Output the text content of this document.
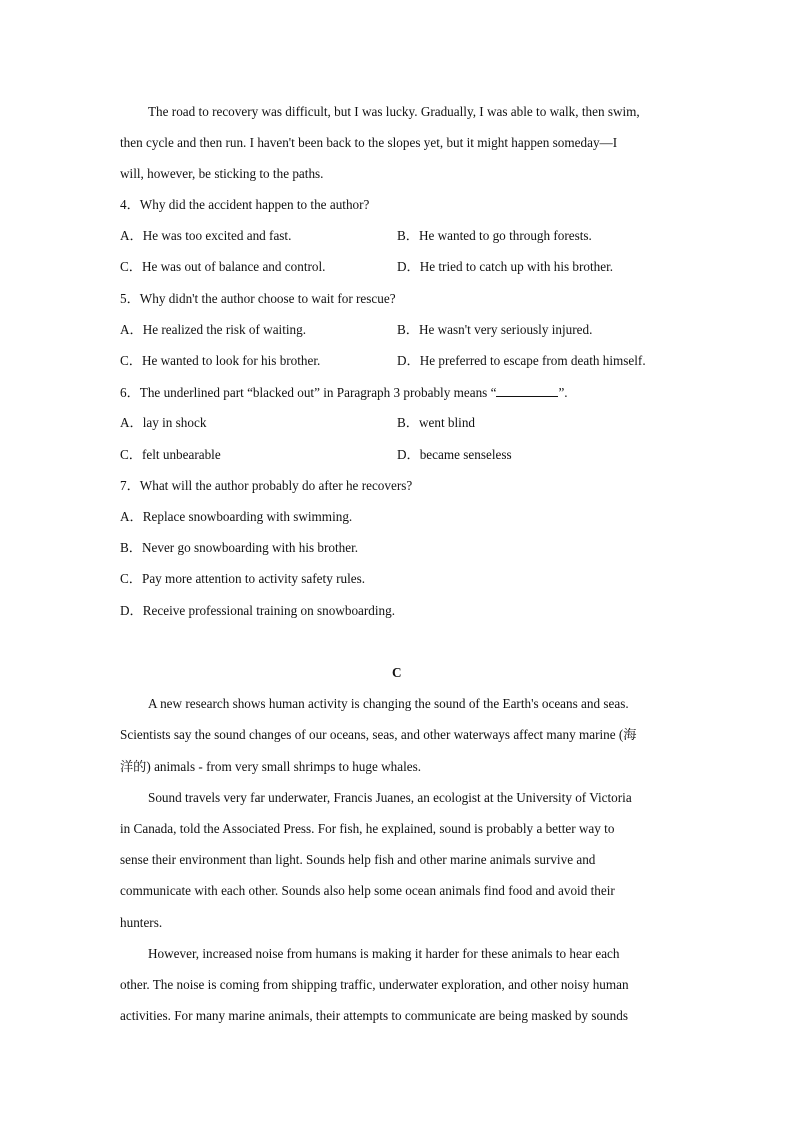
The road to recovery was difficult, but I was lucky. Gradually, I was able to walk, then swim,
then cycle and then run. I haven't been back to the slopes yet, but it might happen someday—I
will, however, be sticking to the paths.
4．Why did the accident happen to the author?
A．He was too excited and fast.	B．He wanted to go through forests.
C．He was out of balance and control.	D．He tried to catch up with his brother.
5．Why didn't the author choose to wait for rescue?
A．He realized the risk of waiting.	B．He wasn't very seriously injured.
C．He wanted to look for his brother.	D．He preferred to escape from death himself.
6．The underlined part “blacked out” in Paragraph 3 probably means “	”.
A．lay in shock	B．went blind
C．felt unbearable	D．became senseless
7．What will the author probably do after he recovers?
A．Replace snowboarding with swimming.
B．Never go snowboarding with his brother.
C．Pay more attention to activity safety rules.
D．Receive professional training on snowboarding.
C
A new research shows human activity is changing the sound of the Earth's oceans and seas.
Scientists say the sound changes of our oceans, seas, and other waterways affect many marine (海
洋的) animals - from very small shrimps to huge whales.
Sound travels very far underwater, Francis Juanes, an ecologist at the University of Victoria
in Canada, told the Associated Press. For fish, he explained, sound is probably a better way to
sense their environment than light. Sounds help fish and other marine animals survive and
communicate with each other. Sounds also help some ocean animals find food and avoid their
hunters.
However, increased noise from humans is making it harder for these animals to hear each
other. The noise is coming from shipping traffic, underwater exploration, and other noisy human
activities. For many marine animals, their attempts to communicate are being masked by sounds
